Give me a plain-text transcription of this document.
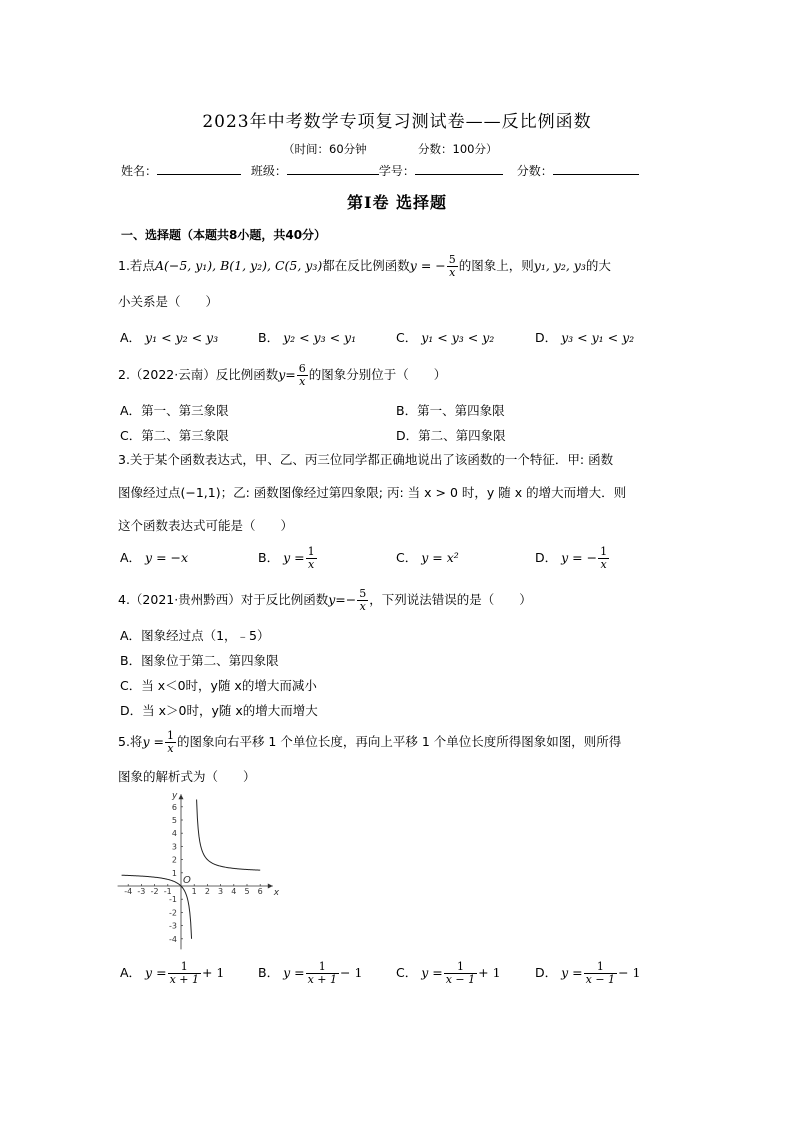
2023年中考数学专项复习测试卷——反比例函数
（时间：60分钟	分数：100分）
姓名：	班级：	学号：	分数：
第Ⅰ卷 选择题
一、选择题（本题共8小题，共40分）
1.若点A(−5, y₁), B(1, y₂), C(5, y₃)都在反比例函数y = − $\frac{5}{x}$ 的图象上，则y₁, y₂, y₃的大
小关系是（　　）
A． y₁ < y₂ < y₃	B． y₂ < y₃ < y₁	C． y₁ < y₃ < y₂	D． y₃ < y₁ < y₂
2.（2022·云南）反比例函数$y= \frac{6}{x}$ 的图象分别位于（　　）
A．第一、第三象限	B．第一、第四象限
C．第二、第三象限	D．第二、第四象限
3.关于某个函数表达式，甲、乙、丙三位同学都正确地说出了该函数的一个特征．甲: 函数
图像经过点(−1,1)；乙: 函数图像经过第四象限; 丙: 当 x > 0 时，y 随 x 的增大而增大．则
这个函数表达式可能是（　　）
A． y = −x	B． $y = \frac{1}{x}$	C． y = x²	D． y = − $\frac{1}{x}$
4.（2021·贵州黔西）对于反比例函数$y=- \frac{5}{x}$ ，下列说法错误的是（　　）
A．图象经过点（1，﹣5）
B．图象位于第二、第四象限
C．当 x＜0时，y随 x的增大而减小
D．当 x＞0时，y随 x的增大而增大
5.将$y = \frac{1}{x}$ 的图象向右平移 1 个单位长度，再向上平移 1 个单位长度所得图象如图，则所得
图象的解析式为（　　）
-4 -3 -2 -1 1 2 3 4 5 6
6
5
4
3
2
1
-1
-2
-3
-4
x
y
O
A． $y = \frac{1}{x + 1} + 1$	B． $y = \frac{1}{x + 1} - 1$	C． $y = \frac{1}{x - 1} + 1$	D． $y = \frac{1}{x - 1} - 1$
